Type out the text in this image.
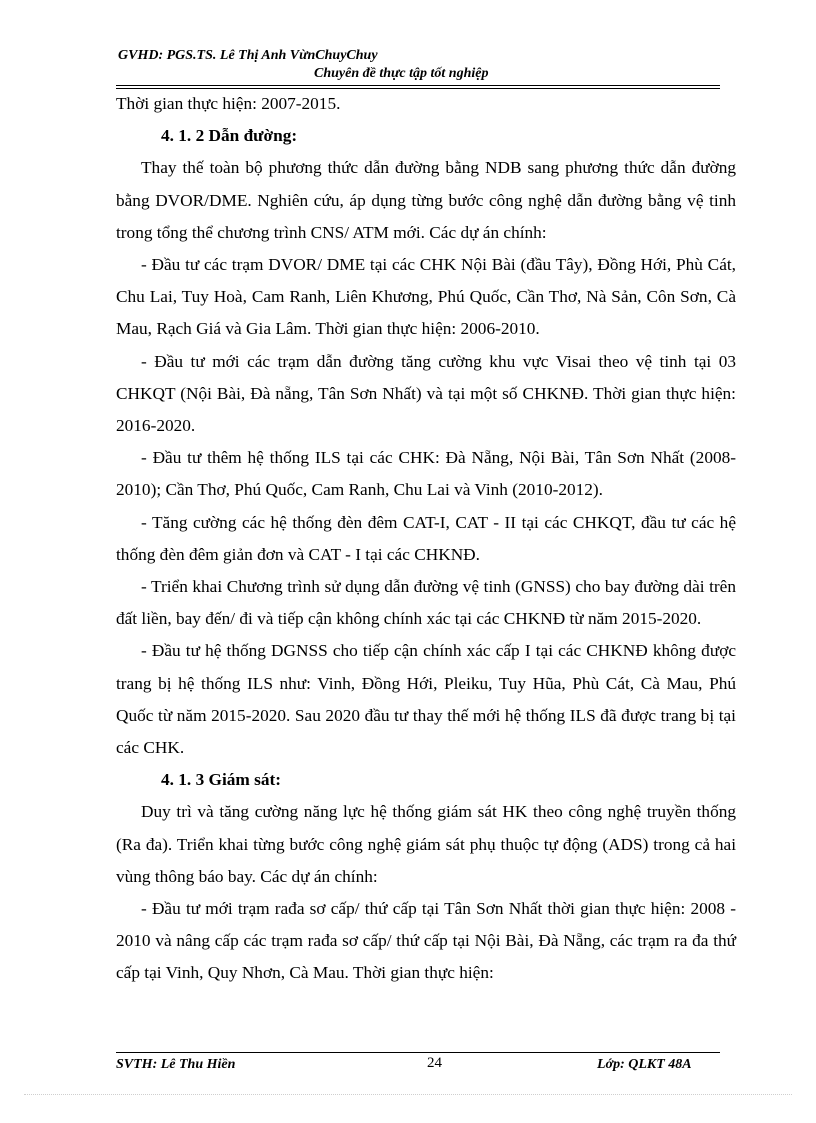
GVHD: PGS.TS. Lê Thị Anh VừnChuyChuy
Chuyên đề thực tập tốt nghiệp

Thời gian thực hiện: 2007-2015.

4. 1. 2 Dẫn đường:

Thay thế toàn bộ phương thức dẫn đường bằng NDB sang phương thức dẫn đường bằng DVOR/DME. Nghiên cứu, áp dụng từng bước công nghệ dẫn đường bằng vệ tinh trong tổng thể chương trình CNS/ ATM mới. Các dự án chính:

- Đầu tư các trạm DVOR/ DME tại các CHK Nội Bài (đầu Tây), Đồng Hới, Phù Cát, Chu Lai, Tuy Hoà, Cam Ranh, Liên Khương, Phú Quốc, Cần Thơ, Nà Sản, Côn Sơn, Cà Mau, Rạch Giá và Gia Lâm. Thời gian thực hiện: 2006-2010.

- Đầu tư mới các trạm dẫn đường tăng cường khu vực Visai theo vệ tinh tại 03 CHKQT (Nội Bài, Đà nẵng, Tân Sơn Nhất) và tại một số CHKNĐ. Thời gian thực hiện: 2016-2020.

- Đầu tư thêm hệ thống ILS tại các CHK: Đà Nẵng, Nội Bài, Tân Sơn Nhất (2008-2010); Cần Thơ, Phú Quốc, Cam Ranh, Chu Lai và Vinh (2010-2012).

- Tăng cường các hệ thống đèn đêm CAT-I, CAT - II tại các CHKQT, đầu tư các hệ thống đèn đêm giản đơn và CAT - I tại các CHKNĐ.

- Triển khai Chương trình sử dụng dẫn đường vệ tinh (GNSS) cho bay đường dài trên đất liền, bay đến/ đi và tiếp cận không chính xác tại các CHKNĐ từ năm 2015-2020.

- Đầu tư hệ thống DGNSS cho tiếp cận chính xác cấp I tại các CHKNĐ không được trang bị hệ thống ILS như: Vinh, Đồng Hới, Pleiku, Tuy Hũa, Phù Cát, Cà Mau, Phú Quốc từ năm 2015-2020. Sau 2020 đầu tư thay thế mới hệ thống ILS đã được trang bị tại các CHK.

4. 1. 3 Giám sát:

Duy trì và tăng cường năng lực hệ thống giám sát HK theo công nghệ truyền thống (Ra đa). Triển khai từng bước công nghệ giám sát phụ thuộc tự động (ADS) trong cả hai vùng thông báo bay. Các dự án chính:

- Đầu tư mới trạm rađa sơ cấp/ thứ cấp tại Tân Sơn Nhất thời gian thực hiện: 2008 - 2010 và nâng cấp các trạm rađa sơ cấp/ thứ cấp tại Nội Bài, Đà Nẵng, các trạm ra đa thứ cấp tại Vinh, Quy Nhơn, Cà Mau. Thời gian thực hiện:

SVTH: Lê Thu Hiền	24	Lớp: QLKT 48A
